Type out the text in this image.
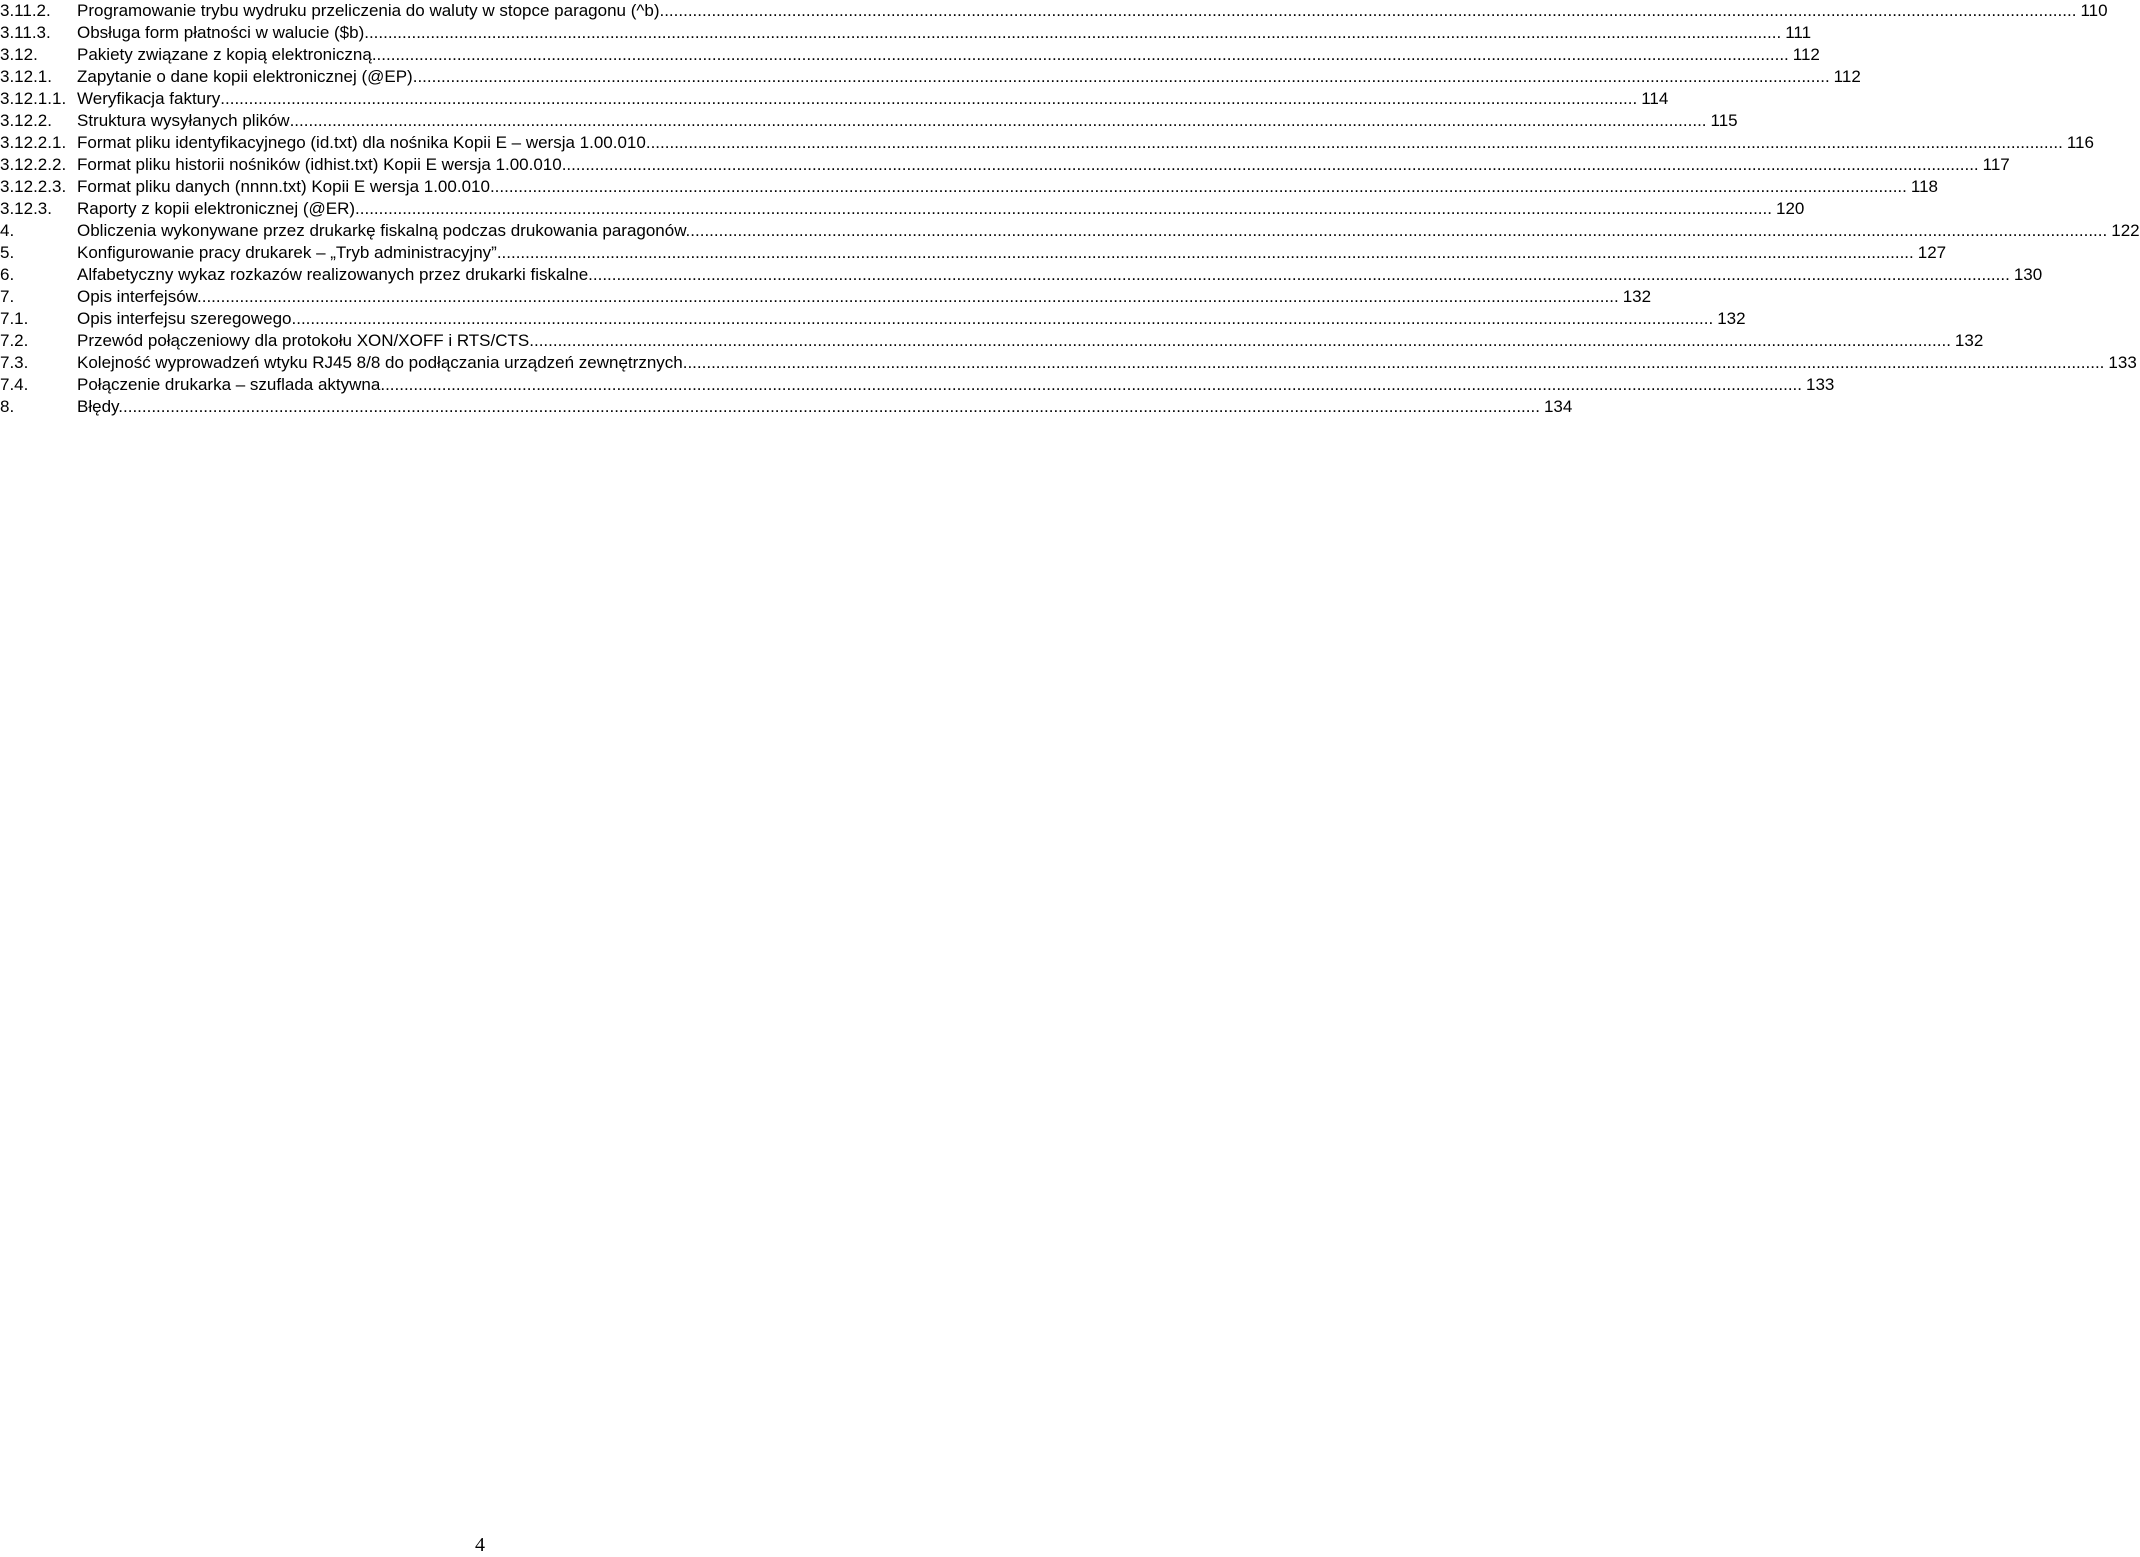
3.11.2. Programowanie trybu wydruku przeliczenia do waluty w stopce paragonu (^b) ............................................................................................................................................................................................................................................................................................................ 110
3.11.3. Obsługa form płatności w walucie ($b) ............................................................................................................................................................................................................................................................................................................ 111
3.12. Pakiety związane z kopią elektroniczną ............................................................................................................................................................................................................................................................................................................ 112
3.12.1. Zapytanie o dane kopii elektronicznej (@EP) ............................................................................................................................................................................................................................................................................................................ 112
3.12.1.1. Weryfikacja faktury ............................................................................................................................................................................................................................................................................................................ 114
3.12.2. Struktura wysyłanych plików ............................................................................................................................................................................................................................................................................................................ 115
3.12.2.1. Format pliku identyfikacyjnego (id.txt) dla nośnika Kopii E – wersja 1.00.010 ............................................................................................................................................................................................................................................................................................................ 116
3.12.2.2. Format pliku historii nośników (idhist.txt) Kopii E wersja 1.00.010 ............................................................................................................................................................................................................................................................................................................ 117
3.12.2.3. Format pliku danych (nnnn.txt) Kopii E wersja 1.00.010 ............................................................................................................................................................................................................................................................................................................ 118
3.12.3. Raporty z kopii elektronicznej (@ER) ............................................................................................................................................................................................................................................................................................................ 120
4.	Obliczenia wykonywane przez drukarkę fiskalną podczas drukowania paragonów. ............................................................................................................................................................................................................................................................................................................ 122
5.	Konfigurowanie pracy drukarek – „Tryb administracyjny” ............................................................................................................................................................................................................................................................................................................ 127
6.	Alfabetyczny wykaz rozkazów realizowanych przez drukarki fiskalne. ............................................................................................................................................................................................................................................................................................................ 130
7.	Opis interfejsów. ............................................................................................................................................................................................................................................................................................................ 132
7.1.	Opis interfejsu szeregowego. ............................................................................................................................................................................................................................................................................................................ 132
7.2.	Przewód połączeniowy dla protokołu XON/XOFF i RTS/CTS. ............................................................................................................................................................................................................................................................................................................ 132
7.3.	Kolejność wyprowadzeń wtyku RJ45 8/8 do podłączania urządzeń zewnętrznych. ............................................................................................................................................................................................................................................................................................................ 133
7.4.	Połączenie drukarka – szuflada aktywna. ............................................................................................................................................................................................................................................................................................................ 133
8.	Błędy. ............................................................................................................................................................................................................................................................................................................ 134
4
